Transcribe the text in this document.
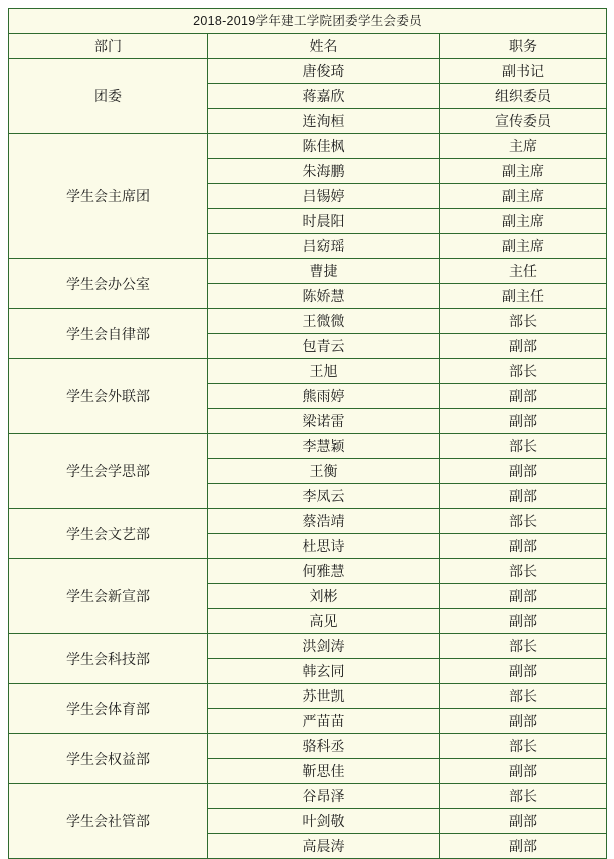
2018-2019学年建工学院团委学生会委员		
部门	姓名	职务
团委	唐俊琦	副书记
	蒋嘉欣	组织委员
	连洵桓	宣传委员
学生会主席团	陈佳枫	主席
	朱海鹏	副主席
	吕锡婷	副主席
	时晨阳	副主席
	吕窈瑶	副主席
学生会办公室	曹捷	主任
	陈娇慧	副主任
学生会自律部	王微微	部长
	包青云	副部
学生会外联部	王旭	部长
	熊雨婷	副部
	梁诺雷	副部
学生会学思部	李慧颖	部长
	王衡	副部
	李凤云	副部
学生会文艺部	蔡浩靖	部长
	杜思诗	副部
学生会新宣部	何雅慧	部长
	刘彬	副部
	高见	副部
学生会科技部	洪剑涛	部长
	韩玄同	副部
学生会体育部	苏世凯	部长
	严苗苗	副部
学生会权益部	骆科丞	部长
	靳思佳	副部
学生会社管部	谷昂泽	部长
	叶剑敬	副部
	高晨涛	副部
